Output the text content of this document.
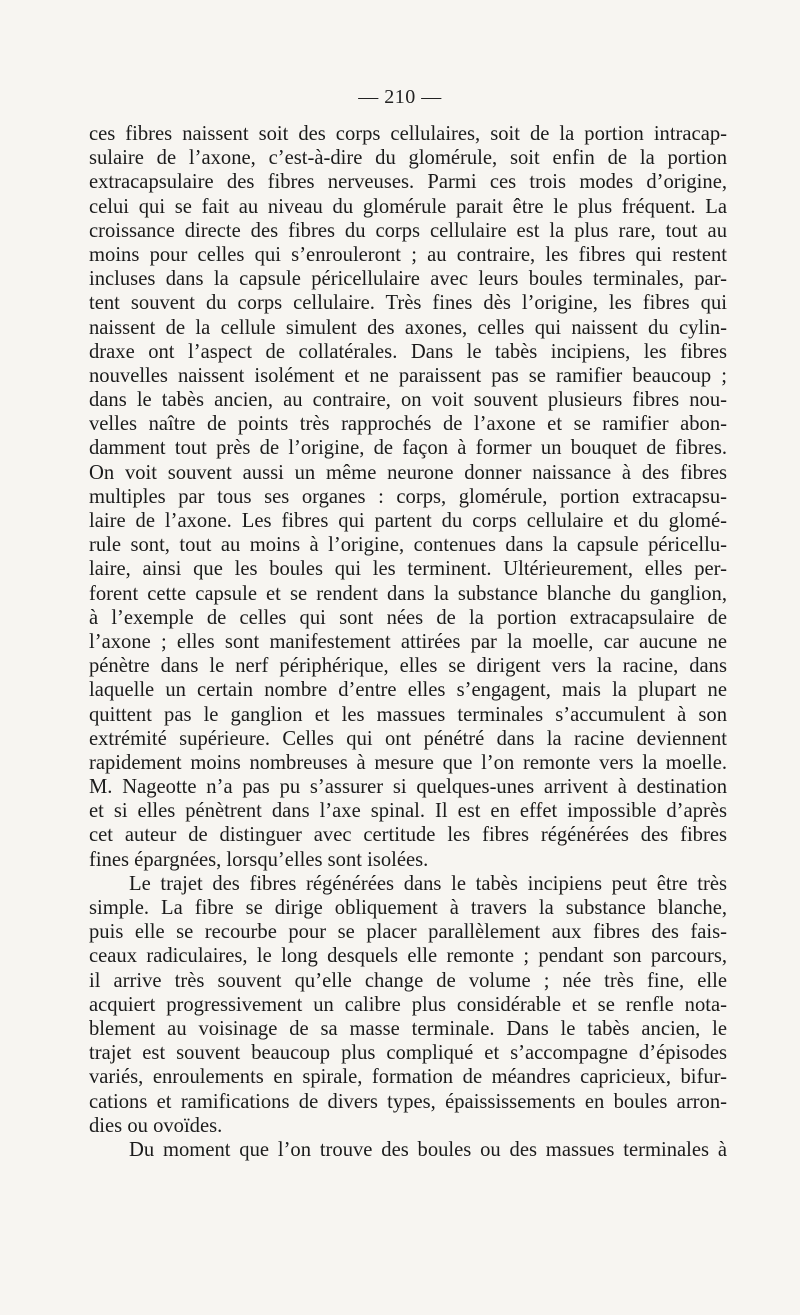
— 210 —
ces fibres naissent soit des corps cellulaires, soit de la portion intracap-
sulaire de l’axone, c’est-à-dire du glomérule, soit enfin de la portion
extracapsulaire des fibres nerveuses. Parmi ces trois modes d’origine,
celui qui se fait au niveau du glomérule parait être le plus fréquent. La
croissance directe des fibres du corps cellulaire est la plus rare, tout au
moins pour celles qui s’enrouleront ; au contraire, les fibres qui restent
incluses dans la capsule péricellulaire avec leurs boules terminales, par-
tent souvent du corps cellulaire. Très fines dès l’origine, les fibres qui
naissent de la cellule simulent des axones, celles qui naissent du cylin-
draxe ont l’aspect de collatérales. Dans le tabès incipiens, les fibres
nouvelles naissent isolément et ne paraissent pas se ramifier beaucoup ;
dans le tabès ancien, au contraire, on voit souvent plusieurs fibres nou-
velles naître de points très rapprochés de l’axone et se ramifier abon-
damment tout près de l’origine, de façon à former un bouquet de fibres.
On voit souvent aussi un même neurone donner naissance à des fibres
multiples par tous ses organes : corps, glomérule, portion extracapsu-
laire de l’axone. Les fibres qui partent du corps cellulaire et du glomé-
rule sont, tout au moins à l’origine, contenues dans la capsule péricellu-
laire, ainsi que les boules qui les terminent. Ultérieurement, elles per-
forent cette capsule et se rendent dans la substance blanche du ganglion,
à l’exemple de celles qui sont nées de la portion extracapsulaire de
l’axone ; elles sont manifestement attirées par la moelle, car aucune ne
pénètre dans le nerf périphérique, elles se dirigent vers la racine, dans
laquelle un certain nombre d’entre elles s’engagent, mais la plupart ne
quittent pas le ganglion et les massues terminales s’accumulent à son
extrémité supérieure. Celles qui ont pénétré dans la racine deviennent
rapidement moins nombreuses à mesure que l’on remonte vers la moelle.
M. Nageotte n’a pas pu s’assurer si quelques-unes arrivent à destination
et si elles pénètrent dans l’axe spinal. Il est en effet impossible d’après
cet auteur de distinguer avec certitude les fibres régénérées des fibres
fines épargnées, lorsqu’elles sont isolées.
Le trajet des fibres régénérées dans le tabès incipiens peut être très
simple. La fibre se dirige obliquement à travers la substance blanche,
puis elle se recourbe pour se placer parallèlement aux fibres des fais-
ceaux radiculaires, le long desquels elle remonte ; pendant son parcours,
il arrive très souvent qu’elle change de volume ; née très fine, elle
acquiert progressivement un calibre plus considérable et se renfle nota-
blement au voisinage de sa masse terminale. Dans le tabès ancien, le
trajet est souvent beaucoup plus compliqué et s’accompagne d’épisodes
variés, enroulements en spirale, formation de méandres capricieux, bifur-
cations et ramifications de divers types, épaississements en boules arron-
dies ou ovoïdes.
Du moment que l’on trouve des boules ou des massues terminales à
